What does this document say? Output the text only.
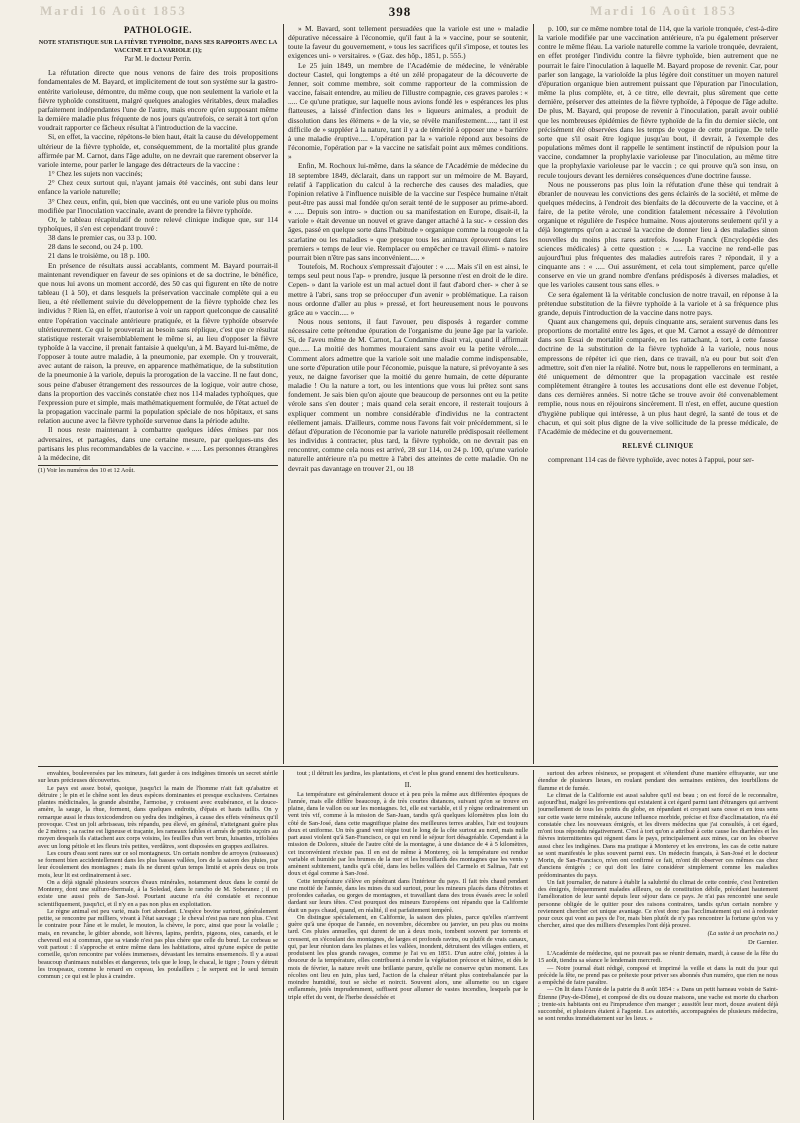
Mardi 16 Août 1853	398	Mardi 16 Août 1853
PATHOLOGIE.
NOTE STATISTIQUE SUR LA FIÈVRE TYPHOÏDE, DANS SES RAPPORTS AVEC LA VACCINE ET LA VARIOLE (1);
Par M. le docteur Perrin.

La réfutation directe que nous venons de faire des trois propositions fondamentales de M. Bayard, et implicitement de tout son système sur la gastro-entérite varioleuse, démontre, du même coup, que non seulement la variole et la fièvre typhoïde constituent, malgré quelques analogies véritables, deux maladies parfaitement indépendantes l'une de l'autre, mais encore qu'en supposant même la dernière maladie plus fréquente de nos jours qu'autrefois, ce serait à tort qu'on voudrait rapporter ce fâcheux résultat à l'introduction de la vaccine.

Si, en effet, la vaccine, répétons-le bien haut, était la cause du développement ultérieur de la fièvre typhoïde, et, conséquemment, de la mortalité plus grande affirmée par M. Carnot, dans l'âge adulte, on ne devrait que rarement observer la variole interne, pour parler le langage des détracteurs de la vaccine :

1° Chez les sujets non vaccinés;

2° Chez ceux surtout qui, n'ayant jamais été vaccinés, ont subi dans leur enfance la variole naturelle;

3° Chez ceux, enfin, qui, bien que vaccinés, ont eu une variole plus ou moins modifiée par l'inoculation vaccinale, avant de prendre la fièvre typhoïde.

Or, le tableau récapitulatif de notre relevé clinique indique que, sur 114 typhoïques, il s'en est cependant trouvé :

38 dans le premier cas, ou 33 p. 100.

28 dans le second, ou 24 p. 100.

21 dans le troisième, ou 18 p. 100.

En présence de résultats aussi accablants, comment M. Bayard pourrait-il maintenant revendiquer en faveur de ses opinions et de sa doctrine, le bénéfice, que nous lui avons un moment accordé, des 50 cas qui figurent en tête de notre tableau (1 à 50), et dans lesquels la préservation vaccinale complète qui a eu lieu, a été réellement suivie du développement de la fièvre typhoïde chez les individus ? Rien là, en effet, n'autorise à voir un rapport quelconque de causalité entre l'opération vaccinale antérieure pratiquée, et la fièvre typhoïde observée ultérieurement. Ce qui le prouverait au besoin sans réplique, c'est que ce résultat statistique resterait vraisemblablement le même si, au lieu d'opposer la fièvre typhoïde à la vaccine, il prenait fantaisie à quelqu'un, à M. Bayard lui-même, de l'opposer à toute autre maladie, à la pneumonie, par exemple. On y trouverait, avec autant de raison, la preuve, en apparence mathématique, de la substitution de la pneumonie à la variole, depuis la prorogation de la vaccine. Il ne faut donc, sous peine d'abuser étrangement des ressources de la logique, voir autre chose, dans la proportion des vaccinés constatée chez nos 114 malades typhoïques, que l'expression pure et simple, mais mathématiquement formulée, de l'état actuel de la propagation vaccinale parmi la population spéciale de nos hôpitaux, et sans relation aucune avec la fièvre typhoïde survenue dans la période adulte.

Il nous reste maintenant à combattre quelques idées émises par nos adversaires, et partagées, dans une certaine mesure, par quelques-uns des partisans les plus recommandables de la vaccine. « ..... Les personnes étrangères à la médecine, dit

(1) Voir les numéros des 10 et 12 Août.

» M. Bavard, sont tellement persuadées que la variole est une » maladie dépurative nécessaire à l'économie, qu'il faut à la » vaccine, pour se soutenir, toute la faveur du gouvernement, » tous les sacrifices qu'il s'impose, et toutes les exigences uni- » versitaires. » (Gaz. des hôp., 1851, p. 555.)

Le 25 juin 1849, un membre de l'Académie de médecine, le vénérable docteur Castel, qui longtemps a été un zélé propagateur de la découverte de Jenner, soit comme membre, soit comme rapporteur de la commission de vaccine, faisait entendre, au milieu de l'illustre compagnie, ces graves paroles : « ..... Ce qu'une pratique, sur laquelle nous avions fondé les » espérances les plus flatteuses, a laissé d'infection dans les » liqueurs animales, a produit de dissolution dans les élémens » de la vie, se révèle manifestement....., tant il est difficile de » suppléer à la nature, tant il y a de témérité à opposer une » barrière à une maladie éruptive..... L'opération par la » variole répond aux besoins de l'économie, l'opération par » la vaccine ne satisfait point aux mêmes conditions. »

Enfin, M. Rochoux lui-même, dans la séance de l'Académie de médecine du 18 septembre 1849, déclarait, dans un rapport sur un mémoire de M. Bayard, relatif à l'application du calcul à la recherche des causes des maladies, que l'opinion relative à l'influence nuisible de la vaccine sur l'espèce humaine n'était peut-être pas aussi mal fondée qu'on serait tenté de le supposer au prime-abord. « ..... Depuis son intro- » duction ou sa manifestation en Europe, disait-il, la variole » était devenue un nouvel et grave danger attaché à la suc- » cession des âges, passé en quelque sorte dans l'habitude » organique comme la rougeole et la scarlatine ou les maladies » que presque tous les animaux éprouvent dans les premiers » temps de leur vie. Remplacer ou empêcher ce travail élimi- » natoire pourrait bien n'être pas sans inconvénient..... »

Toutefois, M. Rochoux s'empressait d'ajouter : « ..... Mais s'il en est ainsi, le temps seul peut nous l'ap- » prendre, jusque là personne n'est en droit de le dire. Cepen- » dant la variole est un mal actuel dont il faut d'abord cher- » cher à se mettre à l'abri, sans trop se préoccuper d'un avenir » problématique. La raison nous ordonne d'aller au plus » pressé, et fort heureusement nous le pouvons grâce au » vaccin..... »

Nous nous sentons, il faut l'avouer, peu disposés à regarder comme nécessaire cette prétendue épuration de l'organisme du jeune âge par la variole. Si, de l'aveu même de M. Carnot, La Condamine disait vrai, quand il affirmait que...... La moitié des hommes mouraient sans avoir eu la petite vérole...... Comment alors admettre que la variole soit une maladie comme indispensable, une sorte d'épuration utile pour l'économie, puisque la nature, si prévoyante à ses yeux, ne daigne favoriser que la moitié du genre humain, de cette dépurante maladie ! Ou la nature a tort, ou les intentions que vous lui prêtez sont sans fondement. Je sais bien qu'on ajoute que beaucoup de personnes ont eu la petite vérole sans s'en douter ; mais quand cela serait encore, il resterait toujours à expliquer comment un nombre considérable d'individus ne la contractent réellement jamais. D'ailleurs, comme nous l'avons fait voir précédemment, si le défaut d'épuration de l'économie par la variole naturelle prédisposait réellement les individus à contracter, plus tard, la fièvre typhoïde, on ne devrait pas en rencontrer, comme cela nous est arrivé, 28 sur 114, ou 24 p. 100, qu'une variole naturelle antérieure n'a pu mettre à l'abri des atteintes de cette maladie. On ne devrait pas davantage en trouver 21, ou 18

p. 100, sur ce même nombre total de 114, que la variole tronquée, c'est-à-dire la variole modifiée par une vaccination antérieure, n'a pu également préserver contre le même fléau. La variole naturelle comme la variole tronquée, devraient, en effet protéger l'individu contre la fièvre typhoïde, bien autrement que ne pourrait le faire l'inoculation à laquelle M. Bayard propose de revenir. Car, pour parler son langage, la varioloïde la plus légère doit constituer un moyen naturel d'épuration organique bien autrement puissant que l'épuration par l'inoculation, même la plus complète, et, à ce titre, elle devrait, plus sûrement que cette dernière, préserver des atteintes de la fièvre typhoïde, à l'époque de l'âge adulte. De plus, M. Bayard, qui propose de revenir à l'inoculation, paraît avoir oublié que les nombreuses épidémies de fièvre typhoïde de la fin du dernier siècle, ont précisément été observées dans les temps de vogue de cette pratique. De telle sorte que s'il osait être logique jusqu'au bout, il devrait, à l'exemple des populations mêmes dont il rappelle le sentiment instinctif de répulsion pour la vaccine, condamner la prophylaxie varioleuse par l'inoculation, au même titre que la prophylaxie varioleuse par le vaccin ; ce qui prouve qu'à son insu, on recule toujours devant les dernières conséquences d'une doctrine fausse.

Nous ne pousserons pas plus loin la réfutation d'une thèse qui tendrait à ébranler de nouveau les convictions des gens éclairés de la société, et même de quelques médecins, à l'endroit des bienfaits de la découverte de la vaccine, et à faire, de la petite vérole, une condition fatalement nécessaire à l'évolution organique et régulière de l'espèce humaine. Nous ajouterons seulement qu'il y a déjà longtemps qu'on a accusé la vaccine de donner lieu à des maladies sinon nouvelles du moins plus rares autrefois. Joseph Franck (Encyclopédie des sciences médicales) à cette question : « ..... La vaccine ne rend-elle pas aujourd'hui plus fréquentes des maladies autrefois rares ? répondait, il y a cinquante ans : « ..... Oui assurément, et cela tout simplement, parce qu'elle conserve en vie un grand nombre d'enfans prédisposés à diverses maladies, et que les varioles causent tous sans elles. »

Ce sera également là la véritable conclusion de notre travail, en réponse à la prétendue substitution de la fièvre typhoïde à la variole et à sa fréquence plus grande, depuis l'introduction de la vaccine dans notre pays.

Quant aux changemens qui, depuis cinquante ans, seraient survenus dans les proportions de mortalité entre les âges, et que M. Carnot a essayé de démontrer dans son Essai de mortalité comparée, en les rattachant, à tort, à cette fausse doctrine de la substitution de la fièvre typhoïde à la variole, nous nous empressons de répéter ici que rien, dans ce travail, n'a eu pour but soit d'en admettre, soit d'en nier la réalité. Notre but, nous le rappellerons en terminant, a été uniquement de démontrer que la propagation vaccinale est restée complètement étrangère à toutes les accusations dont elle est devenue l'objet, dans ces dernières années. Si notre tâche se trouve avoir été convenablement remplie, nous nous en réjouirons sincèrement. Il n'est, en effet, aucune question d'hygiène publique qui intéresse, à un plus haut degré, la santé de tous et de chacun, et qui soit plus digne de la vive sollicitude de la presse médicale, de l'Académie de médecine et du gouvernement.

RELEVÉ CLINIQUE

comprenant 114 cas de fièvre typhoïde, avec notes à l'appui, pour ser-

envahies, bouleversées par les mineurs, fait garder à ces indigènes timorés un secret stérile sur leurs précieuses découvertes.

Le pays est assez boisé, quoique, jusqu'ici la main de l'homme n'ait fait qu'abattre et détruire ; le pin et le chêne sont les deux espèces dominantes et presque exclusives. Certaines plantes médicinales, la grande absinthe, l'armoise, y croissent avec exubérance, et la douce-amère, la sauge, la rhue, forment, dans quelques endroits, d'épais et hauts taillis. On y remarque aussi le rhus toxicodendron ou yedra des indigènes, à cause des effets vénéneux qu'il provoque. C'est un joli arbrisseau, très répandu, peu élevé, en général, n'atteignant guère plus de 2 mètres ; sa racine est ligneuse et traçante, les rameaux faibles et armés de petits suçoirs au moyen desquels ils s'attachent aux corps voisins, les feuilles d'un vert brun, luisantes, trifoliées avec un long pétiole et les fleurs très petites, verdâtres, sont disposées en grappes axillaires.

Les cours d'eau sont rares sur ce sol montagneux. Un certain nombre de arroyos (ruisseaux) se forment bien accidentellement dans les plus basses vallées, lors de la saison des pluies, par leur écoulement des montagnes ; mais ils ne durent qu'un temps limité et après deux ou trois mois, leur lit est ordinairement à sec.

On a déjà signalé plusieurs sources d'eaux minérales, notamment deux dans le comté de Monterey, dont une sulfuro-thermale, à la Soledad, dans le rancho de M. Soberanez ; il en existe une aussi près de San-José. Pourtant aucune n'a été constatée et reconnue scientifiquement, jusqu'ici, et il n'y en a pas non plus en exploitation.

Le règne animal est peu varié, mais fort abondant. L'espèce bovine surtout, généralement petite, se rencontre par milliers, vivant à l'état sauvage ; le cheval n'est pas rare non plus. C'est le contraire pour l'âne et le mulet, le mouton, la chèvre, le porc, ainsi que pour la volaille ; mais, en revanche, le gibier abonde, soit lièvres, lapins, perdrix, pigeons, oies, canards, et le chevreuil est si commun, que sa viande n'est pas plus chère que celle du bœuf. Le corbeau se voit partout : il s'approche et entre même dans les habitations, ainsi qu'une espèce de petite corneille, qu'on rencontre par volées immenses, dévastant les terrains ensemencés. Il y a aussi beaucoup d'animaux nuisibles et dangereux, tels que le loup, le chacal, le tigre ; l'ours y détruit les troupeaux, comme le renard en copeau, les poulaillers ; le serpent est le seul terrain commun ; ce qui est le plus à craindre.

tout ; il détruit les jardins, les plantations, et c'est le plus grand ennemi des horticulteurs.

II.

La température est généralement douce et à peu près la même aux différentes époques de l'année, mais elle diffère beaucoup, à de très courtes distances, suivant qu'on se trouve en plaine, dans le vallon ou sur les montagnes. Ici, elle est variable, et il y règne ordinairement un vent très vif, comme à la mission de San-Juan, tandis qu'à quelques kilomètres plus loin du côté de San-José, dans cette magnifique plaine des meilleures terres arables, l'air est toujours doux et uniforme. Un très grand vent règne tout le long de la côte surtout au nord, mais nulle part aussi violent qu'à San-Francisco, ce qui en rend le séjour fort désagréable. Cependant à la mission de Dolores, située de l'autre côté de la montagne, à une distance de 4 à 5 kilomètres, cet inconvénient n'existe pas. Il en est de même à Monterey, où la température est rendue variable et humide par les brumes de la mer et les brouillards des montagnes que les vents y amènent subitement, tandis qu'à côté, dans les belles vallées del Carmelo et Salinas, l'air est doux et égal comme à San-José.

Cette température s'élève en pénétrant dans l'intérieur du pays. Il fait très chaud pendant une moitié de l'année, dans les mines du sud surtout, pour les mineurs placés dans d'étroites et profondes cañadas, ou gorges de montagnes, et travaillant dans des trous évasés avec le soleil dardant sur leurs têtes. C'est pourquoi des mineurs Européens ont répandu que la Californie était un pays chaud, quand, en réalité, il est parfaitement tempéré.

On distingue spécialement, en Californie, la saison des pluies, parce qu'elles n'arrivent guère qu'à une époque de l'année, en novembre, décembre ou janvier, un peu plus ou moins tard. Ces pluies annuelles, qui durent de un à deux mois, tombent souvent par torrents et creusent, en s'écoulant des montagnes, de larges et profonds ravins, ou plutôt de vrais canaux, qui, par leur réunion dans les plaines et les vallées, inondent, détruisent des villages entiers, et produisent les plus grands ravages, comme je l'ai vu en 1851. D'un autre côté, jointes à la douceur de la température, elles contribuent à rendre la végétation précoce et hâtive, et dès le mois de février, la nature revêt une brillante parure, qu'elle ne conserve qu'un moment. Les récoltes ont lieu en juin, plus tard, l'action de la chaleur n'étant plus contrebalancée par la moindre humidité, tout se sèche et noircit. Souvent alors, une allumette ou un cigare enflammés, jetés imprudemment, suffisent pour allumer de vastes incendies, lesquels par le triple effet du vent, de l'herbe desséchée et

surtout des arbres résineux, se propagent et s'étendent d'une manière effrayante, sur une étendue de plusieurs lieues, en roulant pendant des semaines entières, des tourbillons de flamme et de fumée.

Le climat de la Californie est aussi salubre qu'il est beau ; on est forcé de le reconnaître, aujourd'hui, malgré les préventions qui existaient à cet égard parmi tant d'étrangers qui arrivent journellement de tous les points du globe, en répandant et croyant sans cesse et en tous sens sur cette vaste terre minérale, aucune influence morbide, précise et fixe d'acclimatation, n'a été constatée chez les nouveaux émigrés, et les divers médecins que j'ai consultés, à cet égard, m'ont tous répondu négativement. C'est à tort qu'on a attribué à cette cause les diarrhées et les fièvres intermittentes qui régnent dans le pays, principalement aux mines, car on les observe aussi chez les indigènes. Dans ma pratique à Monterey et les environs, les cas de cette nature se sont manifestés le plus souvent parmi eux. Un médecin français, à San-José et le docteur Morin, de San-Francisco, m'en ont confirmé ce fait, m'ont dit observer ces mêmes cas chez d'anciens émigrés ; ce qui doit les faire considérer simplement comme les maladies prédominantes du pays.

Un fait journalier, de nature à établir la salubrité du climat de cette contrée, c'est l'entretien des émigrés, fréquemment malades ailleurs, ou de constitution débile, précédant hautement l'amélioration de leur santé depuis leur séjour dans ce pays. Je n'ai pas rencontré une seule personne obligée de le quitter pour des raisons contraires, tandis qu'un certain nombre y reviennent chercher cet unique avantage. Ce n'est donc pas l'acclimatement qui est à redouter pour ceux qui vont au pays de l'or, mais bien plutôt de n'y pas rencontrer la fortune qu'on va y chercher, ainsi que des milliers d'exemples l'ont déjà prouvé.

(La suite à un prochain no.)
Dr Garnier.

L'Académie de médecine, qui ne pouvait pas se réunir demain, mardi, à cause de la fête du 15 août, tiendra sa séance le lendemain mercredi.

— Notre journal était rédigé, composé et imprimé la veille et dans la nuit du jour qui précède la fête, ne prend pas ce prétexte pour priver ses abonnés d'un numéro, que rien ne nous a empêché de faire paraître.

— On lit dans l'Amie de la patrie du 8 août 1854 : « Dans un petit hameau voisin de Saint-Étienne (Puy-de-Dôme), et composé de dix ou douze maisons, une vache est morte du charbon ; trente-six habitants ont eu l'imprudence d'en manger ; aussitôt leur mort, douze avaient déjà succombé, et plusieurs étaient à l'agonie. Les autorités, accompagnées de plusieurs médecins, se sont rendus immédiatement sur les lieux. »
